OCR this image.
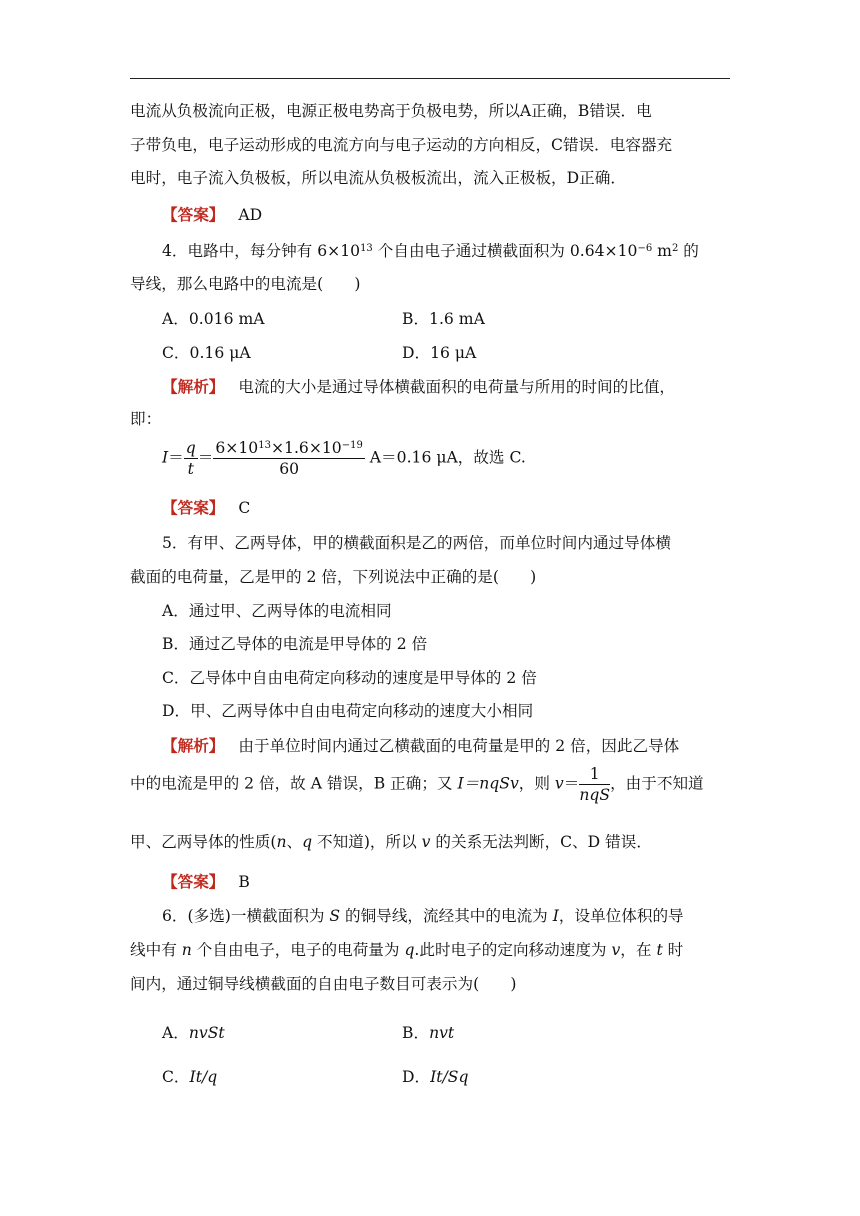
电流从负极流向正极，电源正极电势高于负极电势，所以A正确，B错误．电
子带负电，电子运动形成的电流方向与电子运动的方向相反，C错误．电容器充
电时，电子流入负极板，所以电流从负极板流出，流入正极板，D正确．
【答案】 AD
4．电路中，每分钟有 $6\times 10^{13}$ 个自由电子通过横截面积为 $0.64\times 10^{-6}$ $m^2$ 的
导线，那么电路中的电流是(　　)
A．0.016 mA	B．1.6 mA
C．0.16 μA	D．16 μA
【解析】 电流的大小是通过导体横截面积的电荷量与所用的时间的比值，
即：
$I= \frac{q}{t} = \frac{6\times 10^{13}\times 1.6\times 10^{-19}}{60} A=0.16$ μA，故选 C.
【答案】 C
5．有甲、乙两导体，甲的横截面积是乙的两倍，而单位时间内通过导体横
截面的电荷量，乙是甲的 2 倍，下列说法中正确的是(　　)
A．通过甲、乙两导体的电流相同
B．通过乙导体的电流是甲导体的 2 倍
C．乙导体中自由电荷定向移动的速度是甲导体的 2 倍
D．甲、乙两导体中自由电荷定向移动的速度大小相同
【解析】 由于单位时间内通过乙横截面的电荷量是甲的 2 倍，因此乙导体
中的电流是甲的 2 倍，故 A 错误，B 正确；又 I＝nqSv，则 $v= \frac{1}{\text{nqS}}$ ，由于不知道
甲、乙两导体的性质(n、q 不知道)，所以 v 的关系无法判断，C、D 错误．
【答案】 B
6．(多选)一横截面积为 S 的铜导线，流经其中的电流为 I，设单位体积的导
线中有 n 个自由电子，电子的电荷量为 q.此时电子的定向移动速度为 v，在 t 时
间内，通过铜导线横截面的自由电子数目可表示为(　　)
A．nvSt	B．nvt
C．It/q	D．It/Sq
